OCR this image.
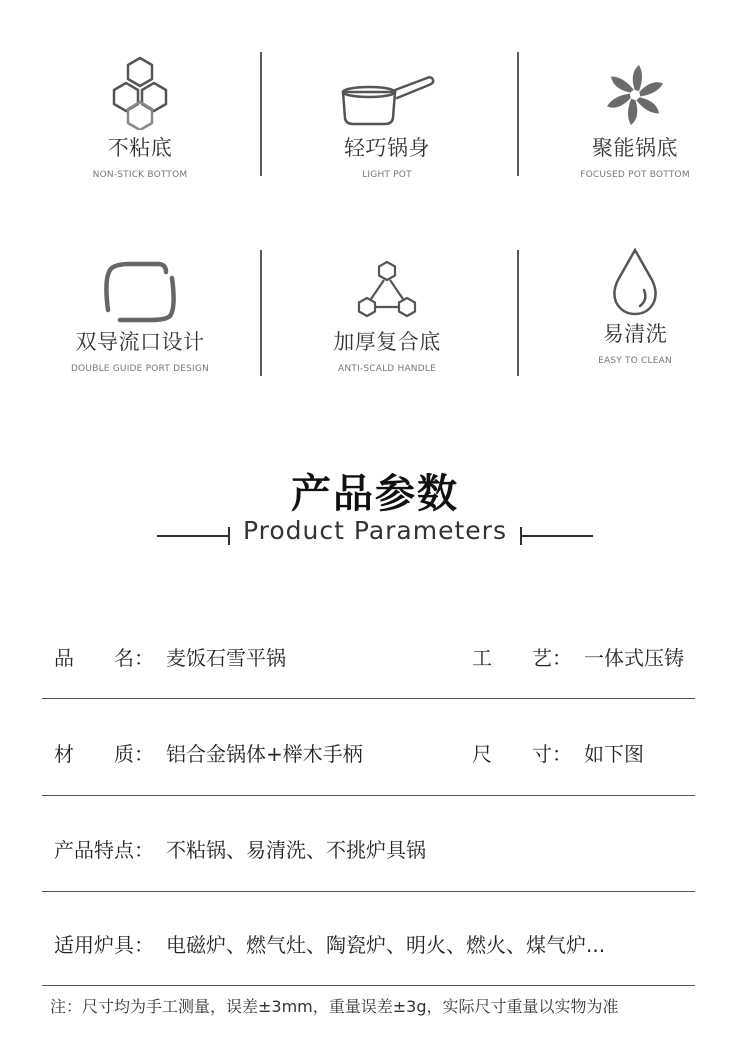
不粘底
NON-STICK BOTTOM
轻巧锅身
LIGHT POT
聚能锅底
FOCUSED POT BOTTOM
双导流口设计
DOUBLE GUIDE PORT DESIGN
加厚复合底
ANTI-SCALD HANDLE
易清洗
EASY TO CLEAN
产品参数
Product Parameters
品　　名： 麦饭石雪平锅	工　　艺： 一体式压铸
材　　质： 铝合金锅体+榉木手柄	尺　　寸： 如下图
产品特点： 不粘锅、易清洗、不挑炉具锅
适用炉具： 电磁炉、燃气灶、陶瓷炉、明火、燃火、煤气炉...
注：尺寸均为手工测量，误差±3mm，重量误差±3g，实际尺寸重量以实物为准
